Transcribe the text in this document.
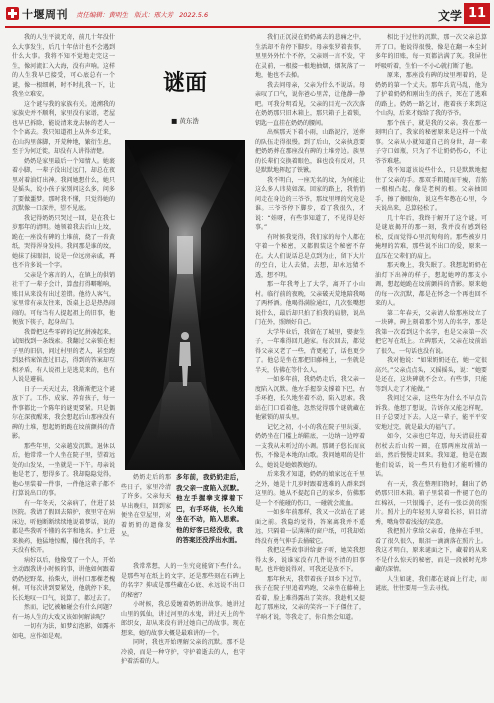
十堰周刊 责任编辑：黄明生 版式：邢大芳 2022.5.6	文学 11

我的人生平淡无奇，前几十年没什么大事发生，后几十年估计也不会遇到什么大事。我将不知不觉地走完这一生，像河流汇入大海，没有声响。这样的人生我早已接受，可心底总有一个谜，像一根细刺，时不时扎我一下，让我坐立难安。

这个谜与我的家族有关。追溯我的家族史并不顺利，家里没有家谱，老屋也早已拆除，能说清来龙去脉的老人一个个离去。我只知道祖上从外乡迁来，在山沟里落脚，开荒种地，繁衍生息，至于为何迁徙，却没有人讲得清楚。

奶奶是家里最后一个知情人。她裹着小脚，一辈子没出过远门，却总在夜里对着油灯出神。我问她想什么，她只是摇头，说小孩子家别问这么多，问多了要做噩梦。那时我不懂，只觉得她的沉默像一口深井，望不见底。

我记得奶奶只哭过一回，是在我七岁那年的清明。她领着我去后山上坟，跪在一座没有碑的土堆前，烧了一沓黄纸，哭得浑身发抖。我问那是谁的坟，她抹了抹眼泪，说是一位远房亲戚，再也不肯多说一个字。

父亲是个寡言的人，在镇上的供销社干了一辈子会计，算盘打得噼啪响，账目从来没有出过差错。他待人客气，家里常有亲友往来，饭桌上总是热热闹闹的。可每当有人提起祖上的旧事，他便放下筷子，起身出门。

我曾把这些零碎的记忆拼凑起来，试图找到一条线索。我翻过父亲锁在柜子里的旧信，问过村里的老人，甚至跑到县档案馆查过旧志，得到的答案却互相矛盾，有人说祖上是逃荒来的，也有人说是避祸。

日子一天天过去，我渐渐把这个谜放下了。工作、成家、养育孩子，每一件事都比一个陈年的谜更要紧。只是偶尔在深夜醒来，我会想起后山那座没有碑的土堆，想起奶奶跪在坟前颤抖的背影。

那些年里，父亲越发沉默。退休以后，他常常一个人坐在院子里，望着远处的山发呆，一坐就是一下午。母亲说他是老了，想得多了。我却隐隐觉得，他心里装着一件事，一件他这辈子都不打算说出口的事。

有一年冬天，父亲病了，住进了县医院。我请了假回去陪护，夜里守在病床边，听他断断续续地说着梦话，说的都是些我听不懂的名字和地名。护士进来换药，他猛地惊醒，攥住我的手，半天没有松开。

病好以后，他像变了一个人，开始主动跟我讲小时候的事，讲他如何跟着奶奶挖野菜、拾柴火，讲村口那棵老槐树。可每次讲到要紧处，他就停下来，长长地叹一口气，说算了，都过去了。

然而，记忆被触碰会有什么问题？有一场人生的大戏又该如何解读呢？

一切有为法，如梦幻泡影，如露亦如电，应作如是观。

谜面
■ 黄东浩

奶奶走后的那些日子，家里冷清了许多。父亲每天早出晚归，回到家便坐在堂屋里，对着奶奶的遗像发呆。

多年前，我奶奶走后，我父亲一度陷入沉默。他左手握拳支撑着下巴，右手环绕，长久地坐在不动，陷入思索。他的好客已经没收，我的答案还没浮出水面。

我常常想，人的一生究竟能留下些什么。是那些写在纸上的文字，还是那些刻在石碑上的名字？抑或是那些藏在心底、永远说不出口的秘密？

小时候，我总爱缠着奶奶讲故事。她讲过山里的狐仙，讲过河里的水鬼，讲过天上的牛郎织女，却从来没有讲过她自己的故事。现在想来，她的故事大概是最难讲的一个。

同时，我也开始理解父亲的沉默。那不是冷漠，而是一种守护，守护着逝去的人，也守护着活着的人。

我们正沉浸在奶奶离去的悲痛之中，生活却不肯停下脚步。母亲张罗着丧事，里里外外忙个不停，父亲则一言不发，守在灵前，一根接一根地抽烟，烟灰落了一地，他也不去掸。

我去问母亲，父亲为什么不说话。母亲叹了口气，说你爸心里苦，让他静一静吧。可我分明看见，父亲的目光一次次落在奶奶那只旧木箱上，那只箱子上着锁，钥匙一直挂在奶奶的腰间。

出殡那天下着小雨，山路泥泞，送葬的队伍走得很慢。到了后山，父亲执意要把奶奶葬在那座没有碑的土堆旁边。族里的长辈们交换着眼色，谁也没有反对，只是默默地挥起了铁锹。

我不明白，一座无名的坟，为何能让这么多人讳莫如深。回家的路上，我悄悄问走在身边的三爷爷，那坟里埋的究竟是谁。三爷爷停下脚步，看了我很久，才说：“娃呀，有些事知道了，不见得是好事。”

有时候我觉得，我们家的每个人都在守着一个秘密，又都假装这个秘密不存在。大人们说话总是点到为止，留下大片的空白，让人去猜，去想，却永远猜不透，想不明。

那一年我考上了大学，离开了小山村。临行前的夜晚，父亲破天荒地陪我喝了两杯酒。他喝得满脸通红，几次张嘴想说什么，最后却只拍了拍我的肩膀，说出门在外，照顾好自己。

大学毕业后，我留在了城里，娶妻生子，一年难得回几趟家。每次回去，都觉得父亲又老了一些，背更驼了，话也更少了。他总是坐在那把旧藤椅上，一坐就是半天，仿佛在等什么人。

一如多年前，我奶奶走后，我父亲一度陷入沉默。他左手握拳支撑着下巴，右手环抱，长久地坐着不动，陷入思索。我站在门口看着他，忽然觉得那个谜就藏在他紧锁的眉头里。

记忆之初，小小的我在院子里玩耍，奶奶坐在门槛上纳鞋底，一边纳一边哼着一支我从未听过的小调。那调子悠长而哀伤，不像是本地的山歌。我问她唱的是什么，她说是她娘教她的。

后来我才知道，奶奶的娘家远在千里之外，她是十几岁时跟着逃难的人群来到这里的。她从不提起自己的家乡，仿佛那是一个不能碰的伤口，一碰就会流血。

一如多年前那样，我又一次站在了谜面之前。我隐约觉得，答案离我并不遥远，只隔着一层薄薄的窗户纸，可我却始终没有勇气伸手去捅破它。

我把这些故事讲给妻子听，她笑我想得太多，说谁家没有几件说不清的旧事呢。也许她说得对，可我还是放不下。

那年秋天，我带着孩子回乡下过节。孩子在院子里追着鸡跑，父亲坐在藤椅上看着，脸上难得露出了笑容。我趁机又提起了那座坟，父亲的笑容一下子僵住了，半晌才说，等我走了，你自然会知道。

相比于过往的沉默，那一次父亲总算开了口。他说得很慢，像是在翻一本尘封多年的旧账，每一页都沾满了灰。我屏住呼吸听着，生怕一不小心就打断了他。

原来，那座没有碑的坟里埋着的，是奶奶的第一个丈夫。那年兵荒马乱，他为了护着奶奶和刚出生的孩子，死在了逃难的路上。奶奶一路乞讨，抱着孩子来到这个山沟，后来才嫁给了我的爷爷。

那个孩子，就是我的父亲。我在那一刻明白了，我家的秘密原来是这样一个故事。父亲从小就知道自己的身世，却一辈子守口如瓶，只为了不让奶奶伤心，不让爷爷难堪。

我不知道该说些什么，只是默默地握住了父亲的手。那双手粗糙而干瘦，青筋一根根凸起，像是老树的根。父亲抽回手，擦了擦眼角，说这些年憋在心里，今天说出来，总算轻松了。

几十年后，我终于解开了这个谜。可是谜底揭开的那一刻，我并没有感到轻松，反而觉得心里沉甸甸的。那些被岁月掩埋的苦难，那些说不出口的爱，原来一直压在父辈们的肩上。

那天晚上，我失眠了。我想起奶奶在油灯下出神的样子，想起她哼的那支小调，想起她跪在坟前颤抖的背影。原来她的每一次沉默，都是在怀念一个再也回不来的人。

第二年春天，父亲请人给那座坟立了一块碑。碑上刻着那个男人的名字，那是我第一次看到这个名字，也是父亲第一次把它写在纸上。立碑那天，父亲在坟前站了很久，一句话也没有说。

我对他说：“如果奶奶还在，她一定很高兴。”父亲点点头，又摇摇头，说：“她要是还在，这块碑就不会立。有些事，只能等到人走了才能做。”

我问过父亲，这些年为什么不早点告诉我。他想了想说，告诉你又能怎样呢，日子总要过下去。人这一辈子，能平平安安地过完，就是最大的福气了。

如今，父亲也已年迈，每天清晨拄着拐杖去后山转一圈，在那两座坟前站一站，然后慢慢走回来。我知道，他是在跟他们说话，说一些只有他们才能听懂的话。

有一天，我在整理旧物时，翻出了奶奶那只旧木箱。箱子里装着一件褪了色的红棉袄，一只银镯子，还有一张泛黄的照片。照片上的年轻男人穿着长衫，眉目清秀，嘴角带着浅浅的笑意。

我把照片拿给父亲看，他捧在手里，看了很久很久，眼泪一滴滴落在照片上。我这才明白，原来谜面之下，藏着的从来不是什么惊天的秘密，而是一段被时光珍藏的深情。

人生如谜，我们都在谜面上行走，而谜底，往往要用一生去寻找。
